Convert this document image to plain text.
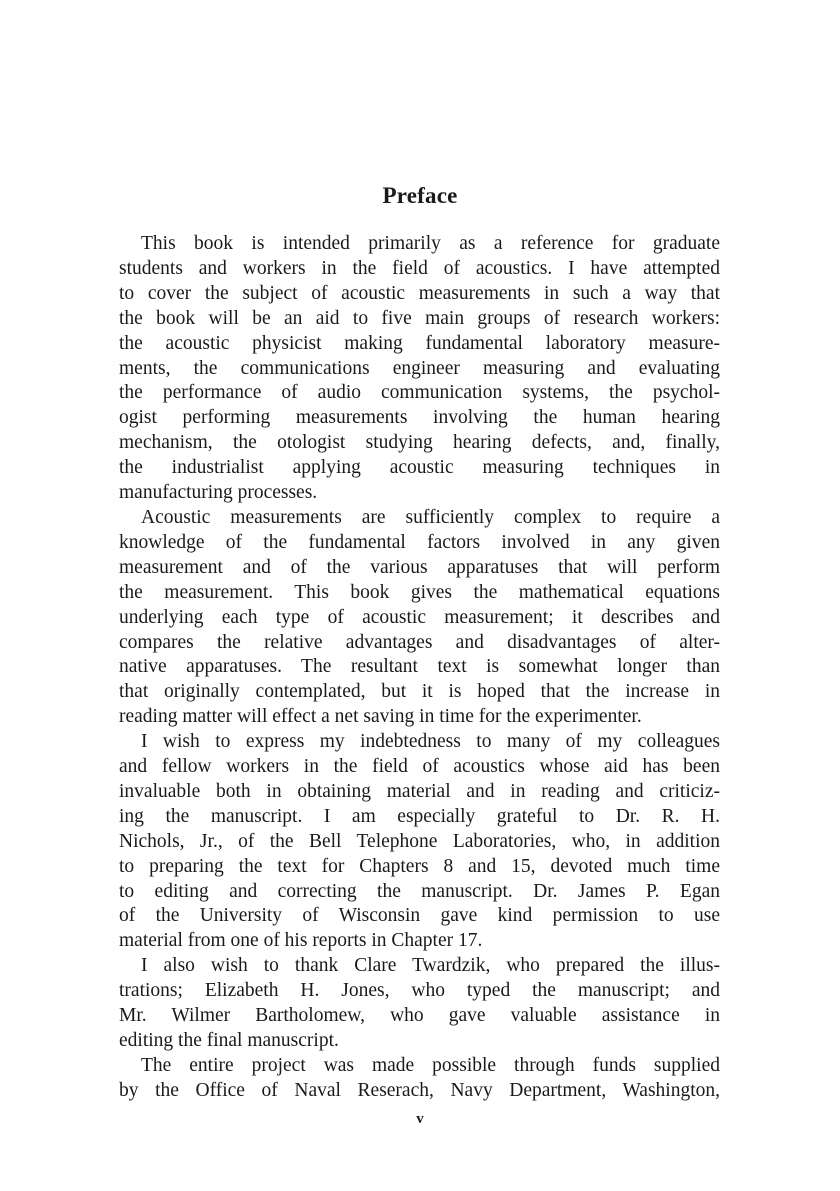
Preface
This book is intended primarily as a reference for graduate
students and workers in the field of acoustics. I have attempted
to cover the subject of acoustic measurements in such a way that
the book will be an aid to five main groups of research workers:
the acoustic physicist making fundamental laboratory measure-
ments, the communications engineer measuring and evaluating
the performance of audio communication systems, the psychol-
ogist performing measurements involving the human hearing
mechanism, the otologist studying hearing defects, and, finally,
the industrialist applying acoustic measuring techniques in
manufacturing processes.
Acoustic measurements are sufficiently complex to require a
knowledge of the fundamental factors involved in any given
measurement and of the various apparatuses that will perform
the measurement. This book gives the mathematical equations
underlying each type of acoustic measurement; it describes and
compares the relative advantages and disadvantages of alter-
native apparatuses. The resultant text is somewhat longer than
that originally contemplated, but it is hoped that the increase in
reading matter will effect a net saving in time for the experimenter.
I wish to express my indebtedness to many of my colleagues
and fellow workers in the field of acoustics whose aid has been
invaluable both in obtaining material and in reading and criticiz-
ing the manuscript. I am especially grateful to Dr. R. H.
Nichols, Jr., of the Bell Telephone Laboratories, who, in addition
to preparing the text for Chapters 8 and 15, devoted much time
to editing and correcting the manuscript. Dr. James P. Egan
of the University of Wisconsin gave kind permission to use
material from one of his reports in Chapter 17.
I also wish to thank Clare Twardzik, who prepared the illus-
trations; Elizabeth H. Jones, who typed the manuscript; and
Mr. Wilmer Bartholomew, who gave valuable assistance in
editing the final manuscript.
The entire project was made possible through funds supplied
by the Office of Naval Reserach, Navy Department, Washington,
v
